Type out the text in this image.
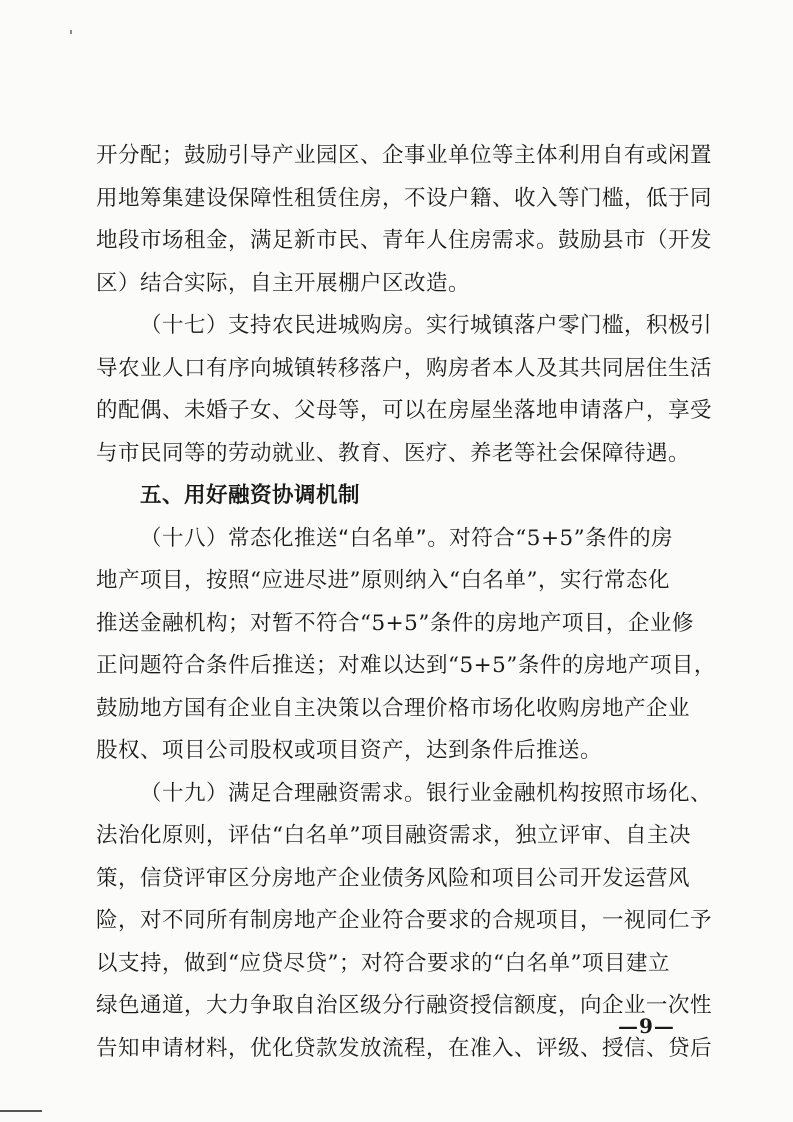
开分配；鼓励引导产业园区、企事业单位等主体利用自有或闲置
用地筹集建设保障性租赁住房，不设户籍、收入等门槛，低于同
地段市场租金，满足新市民、青年人住房需求。鼓励县市（开发
区）结合实际，自主开展棚户区改造。
（十七）支持农民进城购房。实行城镇落户零门槛，积极引
导农业人口有序向城镇转移落户，购房者本人及其共同居住生活
的配偶、未婚子女、父母等，可以在房屋坐落地申请落户，享受
与市民同等的劳动就业、教育、医疗、养老等社会保障待遇。
五、用好融资协调机制
（十八）常态化推送“白名单”。对符合“5+5”条件的房
地产项目，按照“应进尽进”原则纳入“白名单”，实行常态化
推送金融机构；对暂不符合“5+5”条件的房地产项目，企业修
正问题符合条件后推送；对难以达到“5+5”条件的房地产项目，
鼓励地方国有企业自主决策以合理价格市场化收购房地产企业
股权、项目公司股权或项目资产，达到条件后推送。
（十九）满足合理融资需求。银行业金融机构按照市场化、
法治化原则，评估“白名单”项目融资需求，独立评审、自主决
策，信贷评审区分房地产企业债务风险和项目公司开发运营风
险，对不同所有制房地产企业符合要求的合规项目，一视同仁予
以支持，做到“应贷尽贷”；对符合要求的“白名单”项目建立
绿色通道，大力争取自治区级分行融资授信额度，向企业一次性
告知申请材料，优化贷款发放流程，在准入、评级、授信、贷后
—9—
